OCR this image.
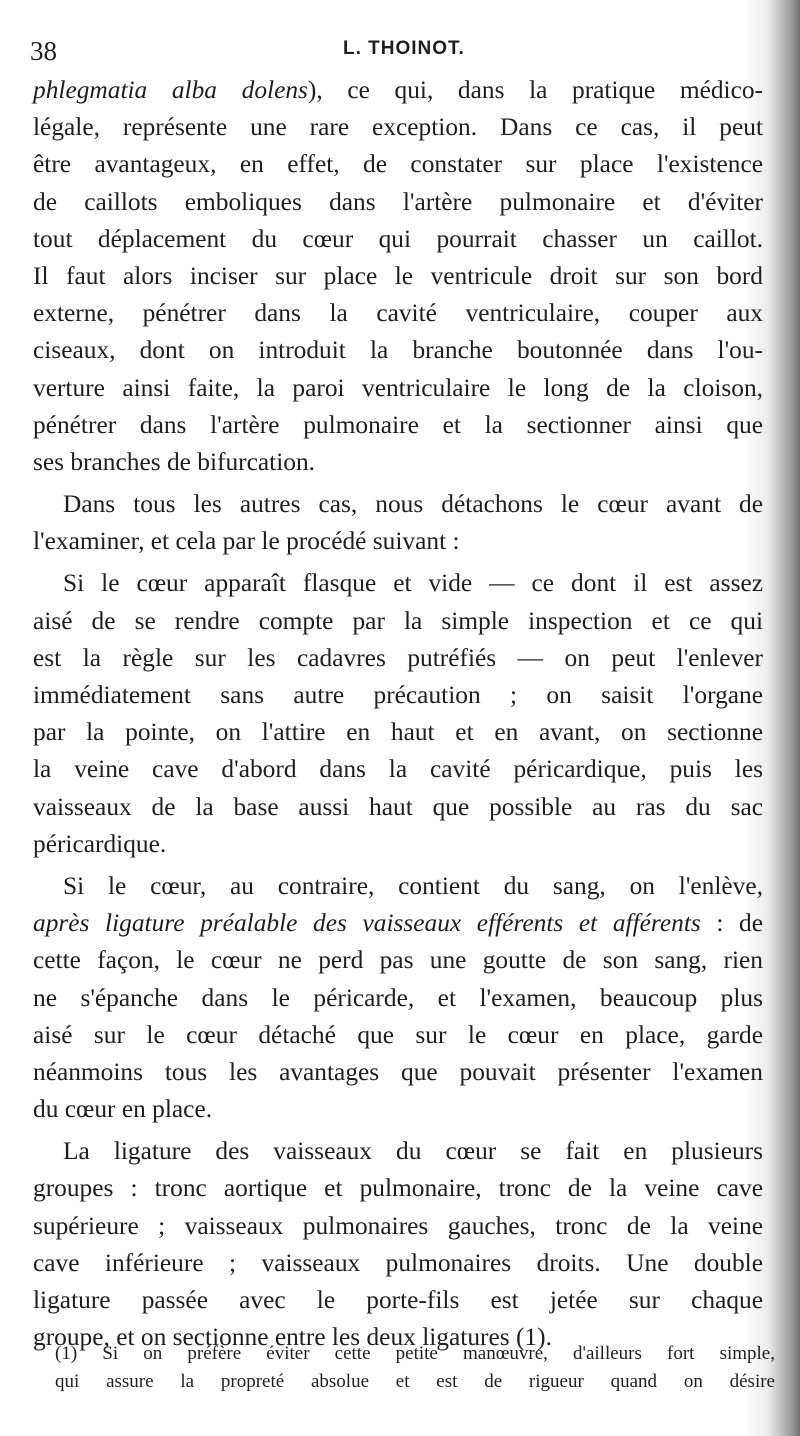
38	L. THOINOT.
phlegmatia alba dolens), ce qui, dans la pratique médico-
légale, représente une rare exception. Dans ce cas, il peut
être avantageux, en effet, de constater sur place l'existence
de caillots emboliques dans l'artère pulmonaire et d'éviter
tout déplacement du cœur qui pourrait chasser un caillot.
Il faut alors inciser sur place le ventricule droit sur son bord
externe, pénétrer dans la cavité ventriculaire, couper aux
ciseaux, dont on introduit la branche boutonnée dans l'ou-
verture ainsi faite, la paroi ventriculaire le long de la cloison,
pénétrer dans l'artère pulmonaire et la sectionner ainsi que
ses branches de bifurcation.
Dans tous les autres cas, nous détachons le cœur avant de
l'examiner, et cela par le procédé suivant :
Si le cœur apparaît flasque et vide — ce dont il est assez
aisé de se rendre compte par la simple inspection et ce qui
est la règle sur les cadavres putréfiés — on peut l'enlever
immédiatement sans autre précaution ; on saisit l'organe
par la pointe, on l'attire en haut et en avant, on sectionne
la veine cave d'abord dans la cavité péricardique, puis les
vaisseaux de la base aussi haut que possible au ras du sac
péricardique.
Si le cœur, au contraire, contient du sang, on l'enlève,
après ligature préalable des vaisseaux efférents et afférents : de
cette façon, le cœur ne perd pas une goutte de son sang, rien
ne s'épanche dans le péricarde, et l'examen, beaucoup plus
aisé sur le cœur détaché que sur le cœur en place, garde
néanmoins tous les avantages que pouvait présenter l'examen
du cœur en place.
La ligature des vaisseaux du cœur se fait en plusieurs
groupes : tronc aortique et pulmonaire, tronc de la veine cave
supérieure ; vaisseaux pulmonaires gauches, tronc de la veine
cave inférieure ; vaisseaux pulmonaires droits. Une double
ligature passée avec le porte-fils est jetée sur chaque
groupe, et on sectionne entre les deux ligatures (1).
(1) Si on préfère éviter cette petite manœuvre, d'ailleurs fort simple,
qui assure la propreté absolue et est de rigueur quand on désire
